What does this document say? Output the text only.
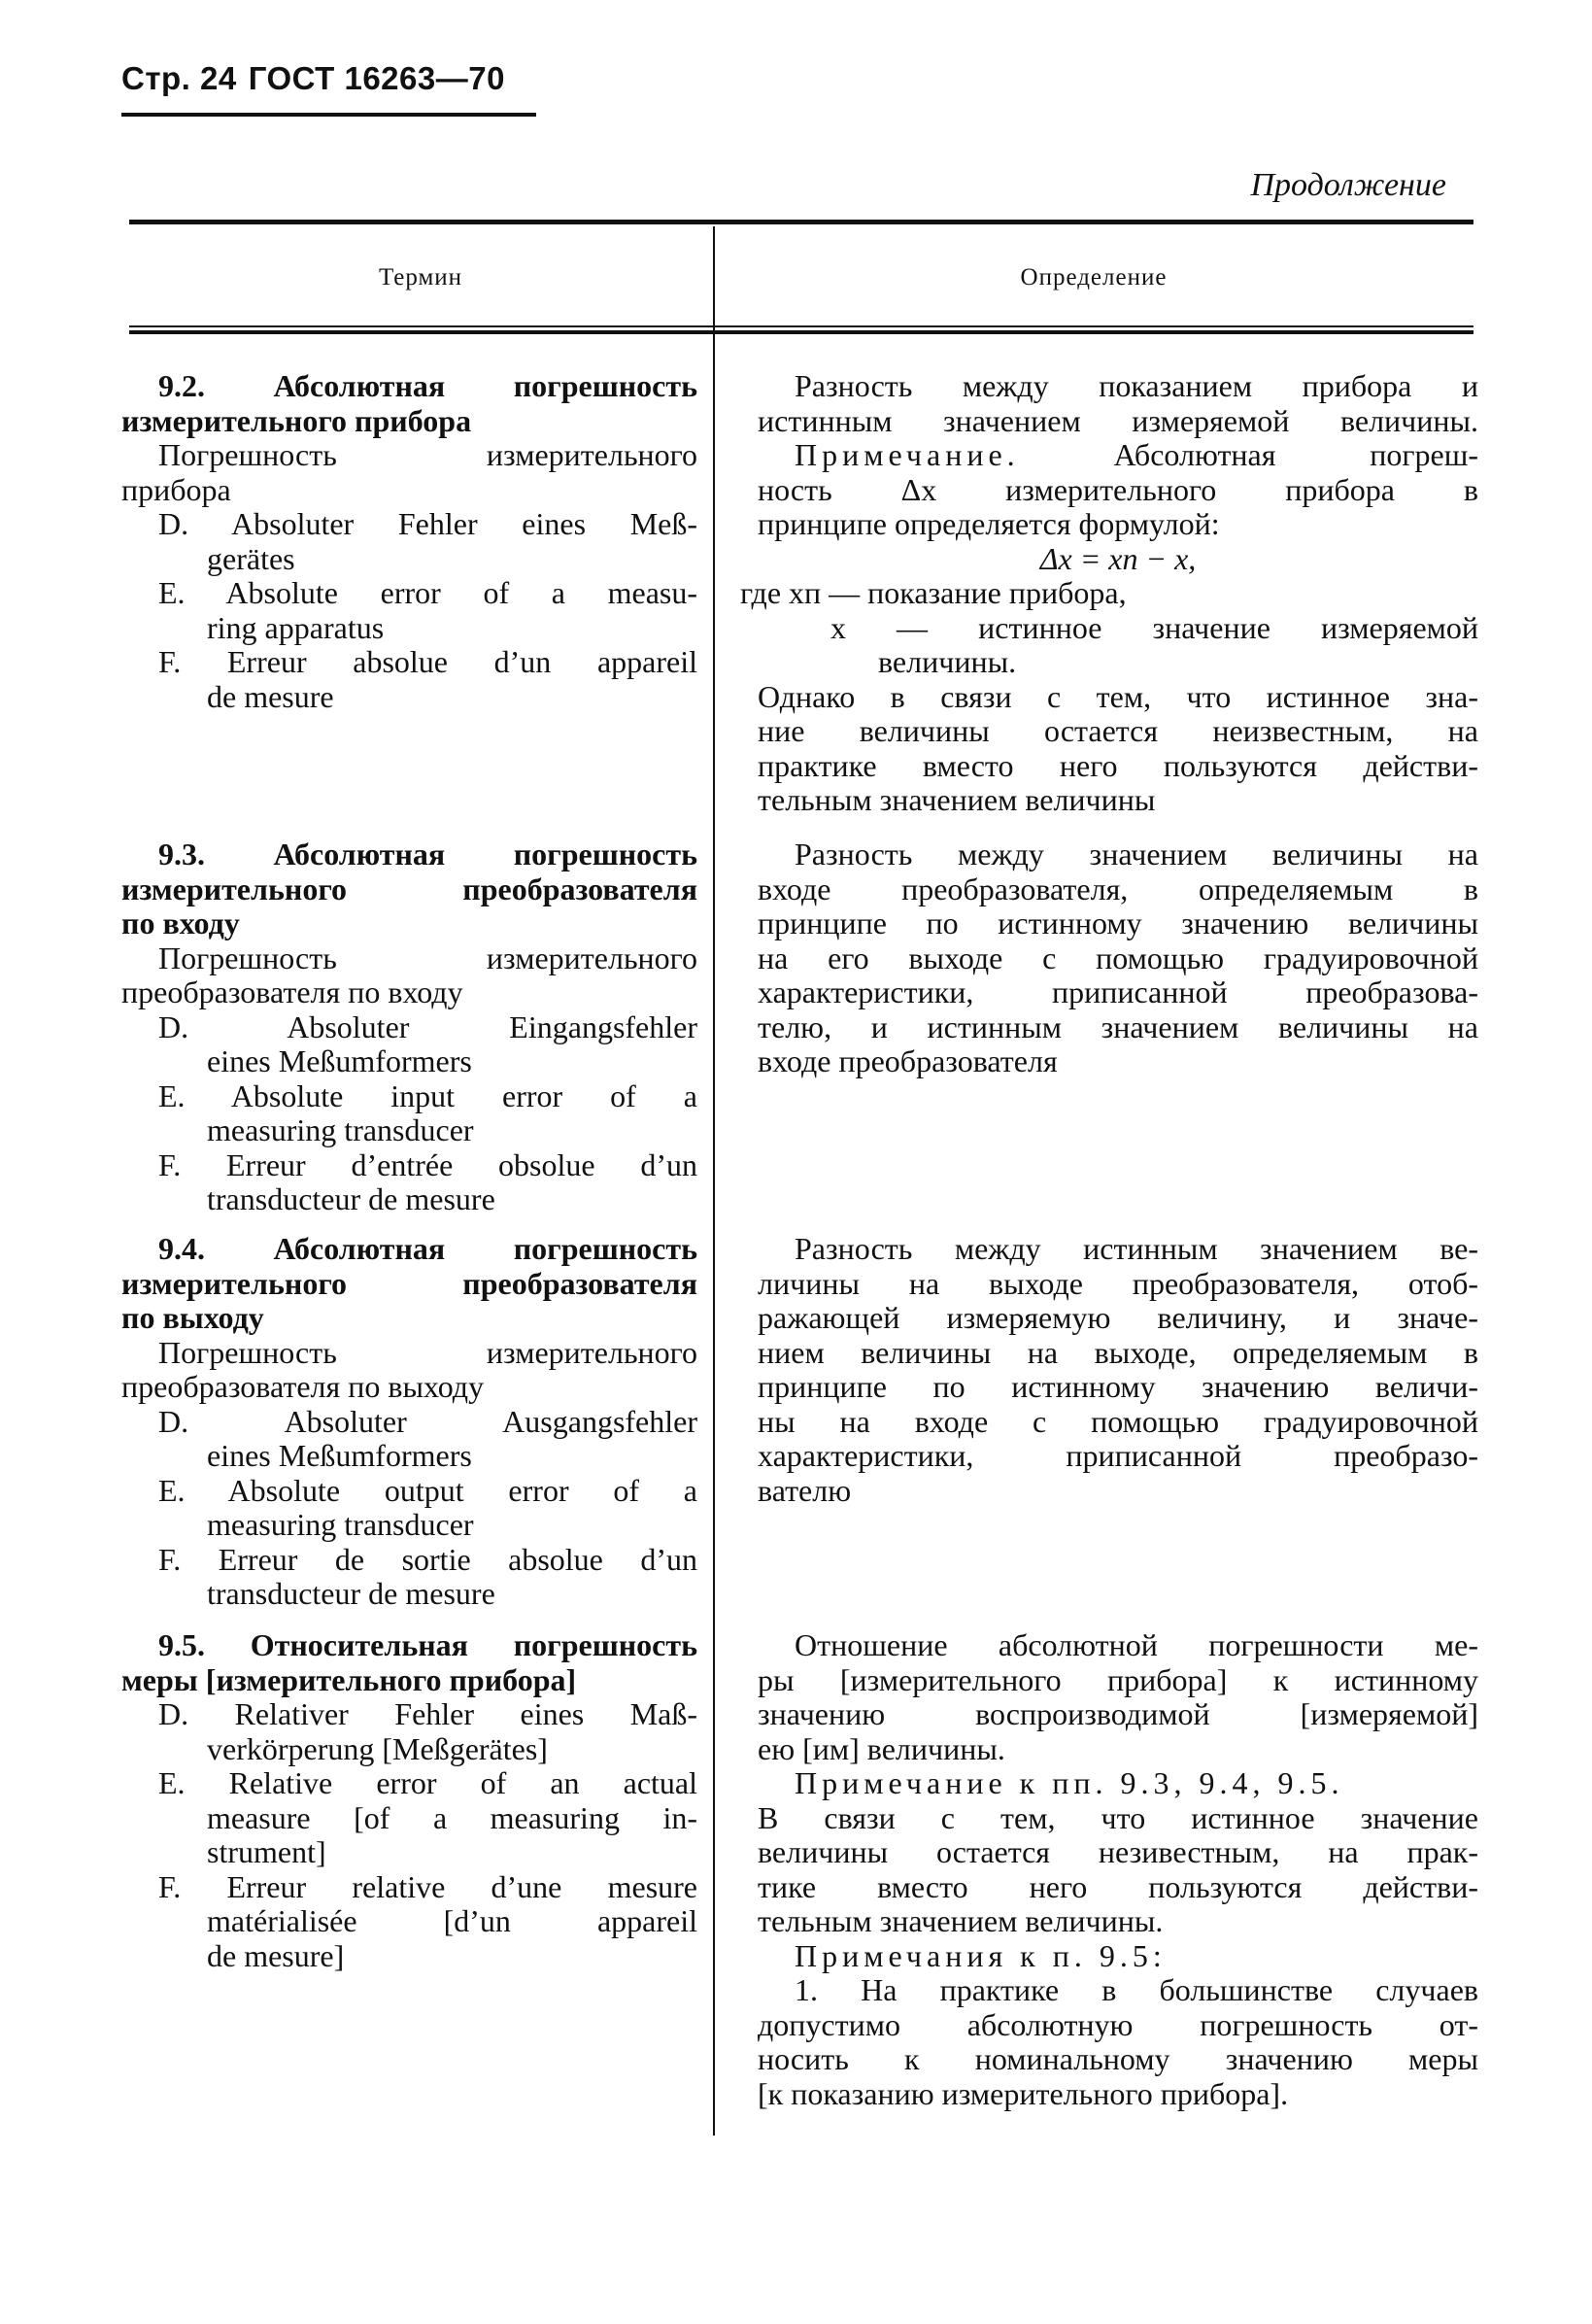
Стр. 24 ГОСТ 16263—70
Продолжение
Термин	Определение
9.2. Абсолютная погрешность
измерительного прибора
Погрешность измерительного
прибора
D. Absoluter Fehler eines Meß-
gerätes
E. Absolute error of a measu-
ring apparatus
F. Erreur absolue d’un appareil
de mesure
Разность между показанием прибора и
истинным значением измеряемой величины.
Примечание.	Абсолютная погреш-
ность Δx измерительного прибора в
принципе определяется формулой:
Δx = xп − x,
где xп — показание прибора,
x — истинное значение измеряемой
величины.
Однако в связи с тем, что истинное зна-
ние величины остается неизвестным, на
практике вместо него пользуются действи-
тельным значением величины
9.3. Абсолютная погрешность
измерительного преобразователя
по входу
Погрешность измерительного
преобразователя по входу
D. Absoluter Eingangsfehler
eines Meßumformers
E. Absolute input error of a
measuring transducer
F. Erreur d’entrée obsolue d’un
transducteur de mesure
Разность между значением величины на
входе преобразователя, определяемым в
принципе по истинному значению величины
на его выходе с помощью градуировочной
характеристики, приписанной преобразова-
телю, и истинным значением величины на
входе преобразователя
9.4. Абсолютная погрешность
измерительного преобразователя
по выходу
Погрешность измерительного
преобразователя по выходу
D. Absoluter Ausgangsfehler
eines Meßumformers
E. Absolute output error of a
measuring transducer
F. Erreur de sortie absolue d’un
transducteur de mesure
Разность между истинным значением ве-
личины на выходе преобразователя, отоб-
ражающей измеряемую величину, и значе-
нием величины на выходе, определяемым в
принципе по истинному значению величи-
ны на входе с помощью градуировочной
характеристики, приписанной преобразо-
вателю
9.5. Относительная погрешность
меры [измерительного прибора]
D. Relativer Fehler eines Maß-
verkörperung [Meßgerätes]
E. Relative error of an actual
measure [of a measuring in-
strument]
F. Erreur relative d’une mesure
matérialisée [d’un appareil
de mesure]
Отношение абсолютной погрешности ме-
ры [измерительного прибора] к истинному
значению воспроизводимой [измеряемой]
ею [им] величины.
Примечание к пп. 9.3, 9.4, 9.5.
В связи с тем, что истинное значение
величины остается незивестным, на прак-
тике вместо него пользуются действи-
тельным значением величины.
Примечания к п. 9.5:
1. На практике в большинстве случаев
допустимо абсолютную погрешность от-
носить к номинальному значению меры
[к показанию измерительного прибора].
